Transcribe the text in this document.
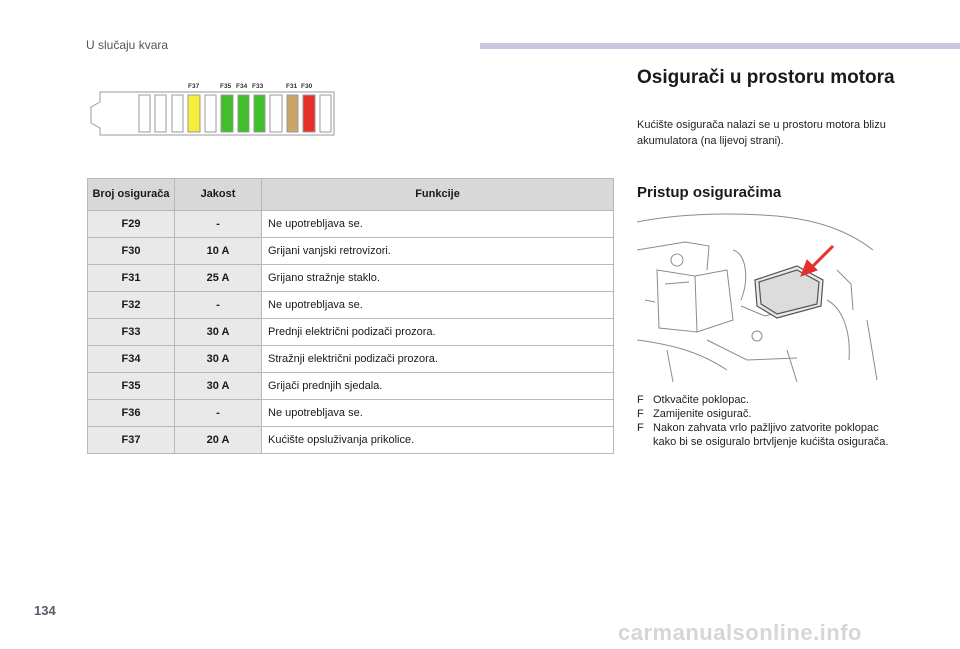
U slučaju kvara
F37	F35 F34 F33	F31 F30
Broj osigurača	Jakost	Funkcije
F29	-	Ne upotrebljava se.
F30	10 A	Grijani vanjski retrovizori.
F31	25 A	Grijano stražnje staklo.
F32	-	Ne upotrebljava se.
F33	30 A	Prednji električni podizači prozora.
F34	30 A	Stražnji električni podizači prozora.
F35	30 A	Grijači prednjih sjedala.
F36	-	Ne upotrebljava se.
F37	20 A	Kućište opsluživanja prikolice.
Osigurači u prostoru motora
Kućište osigurača nalazi se u prostoru motora blizu akumulatora (na lijevoj strani).
Pristup osiguračima
F Otkvačite poklopac.
F Zamijenite osigurač.
F Nakon zahvata vrlo pažljivo zatvorite poklopac kako bi se osiguralo brtvljenje kućišta osigurača.
134
carmanualsonline.info
